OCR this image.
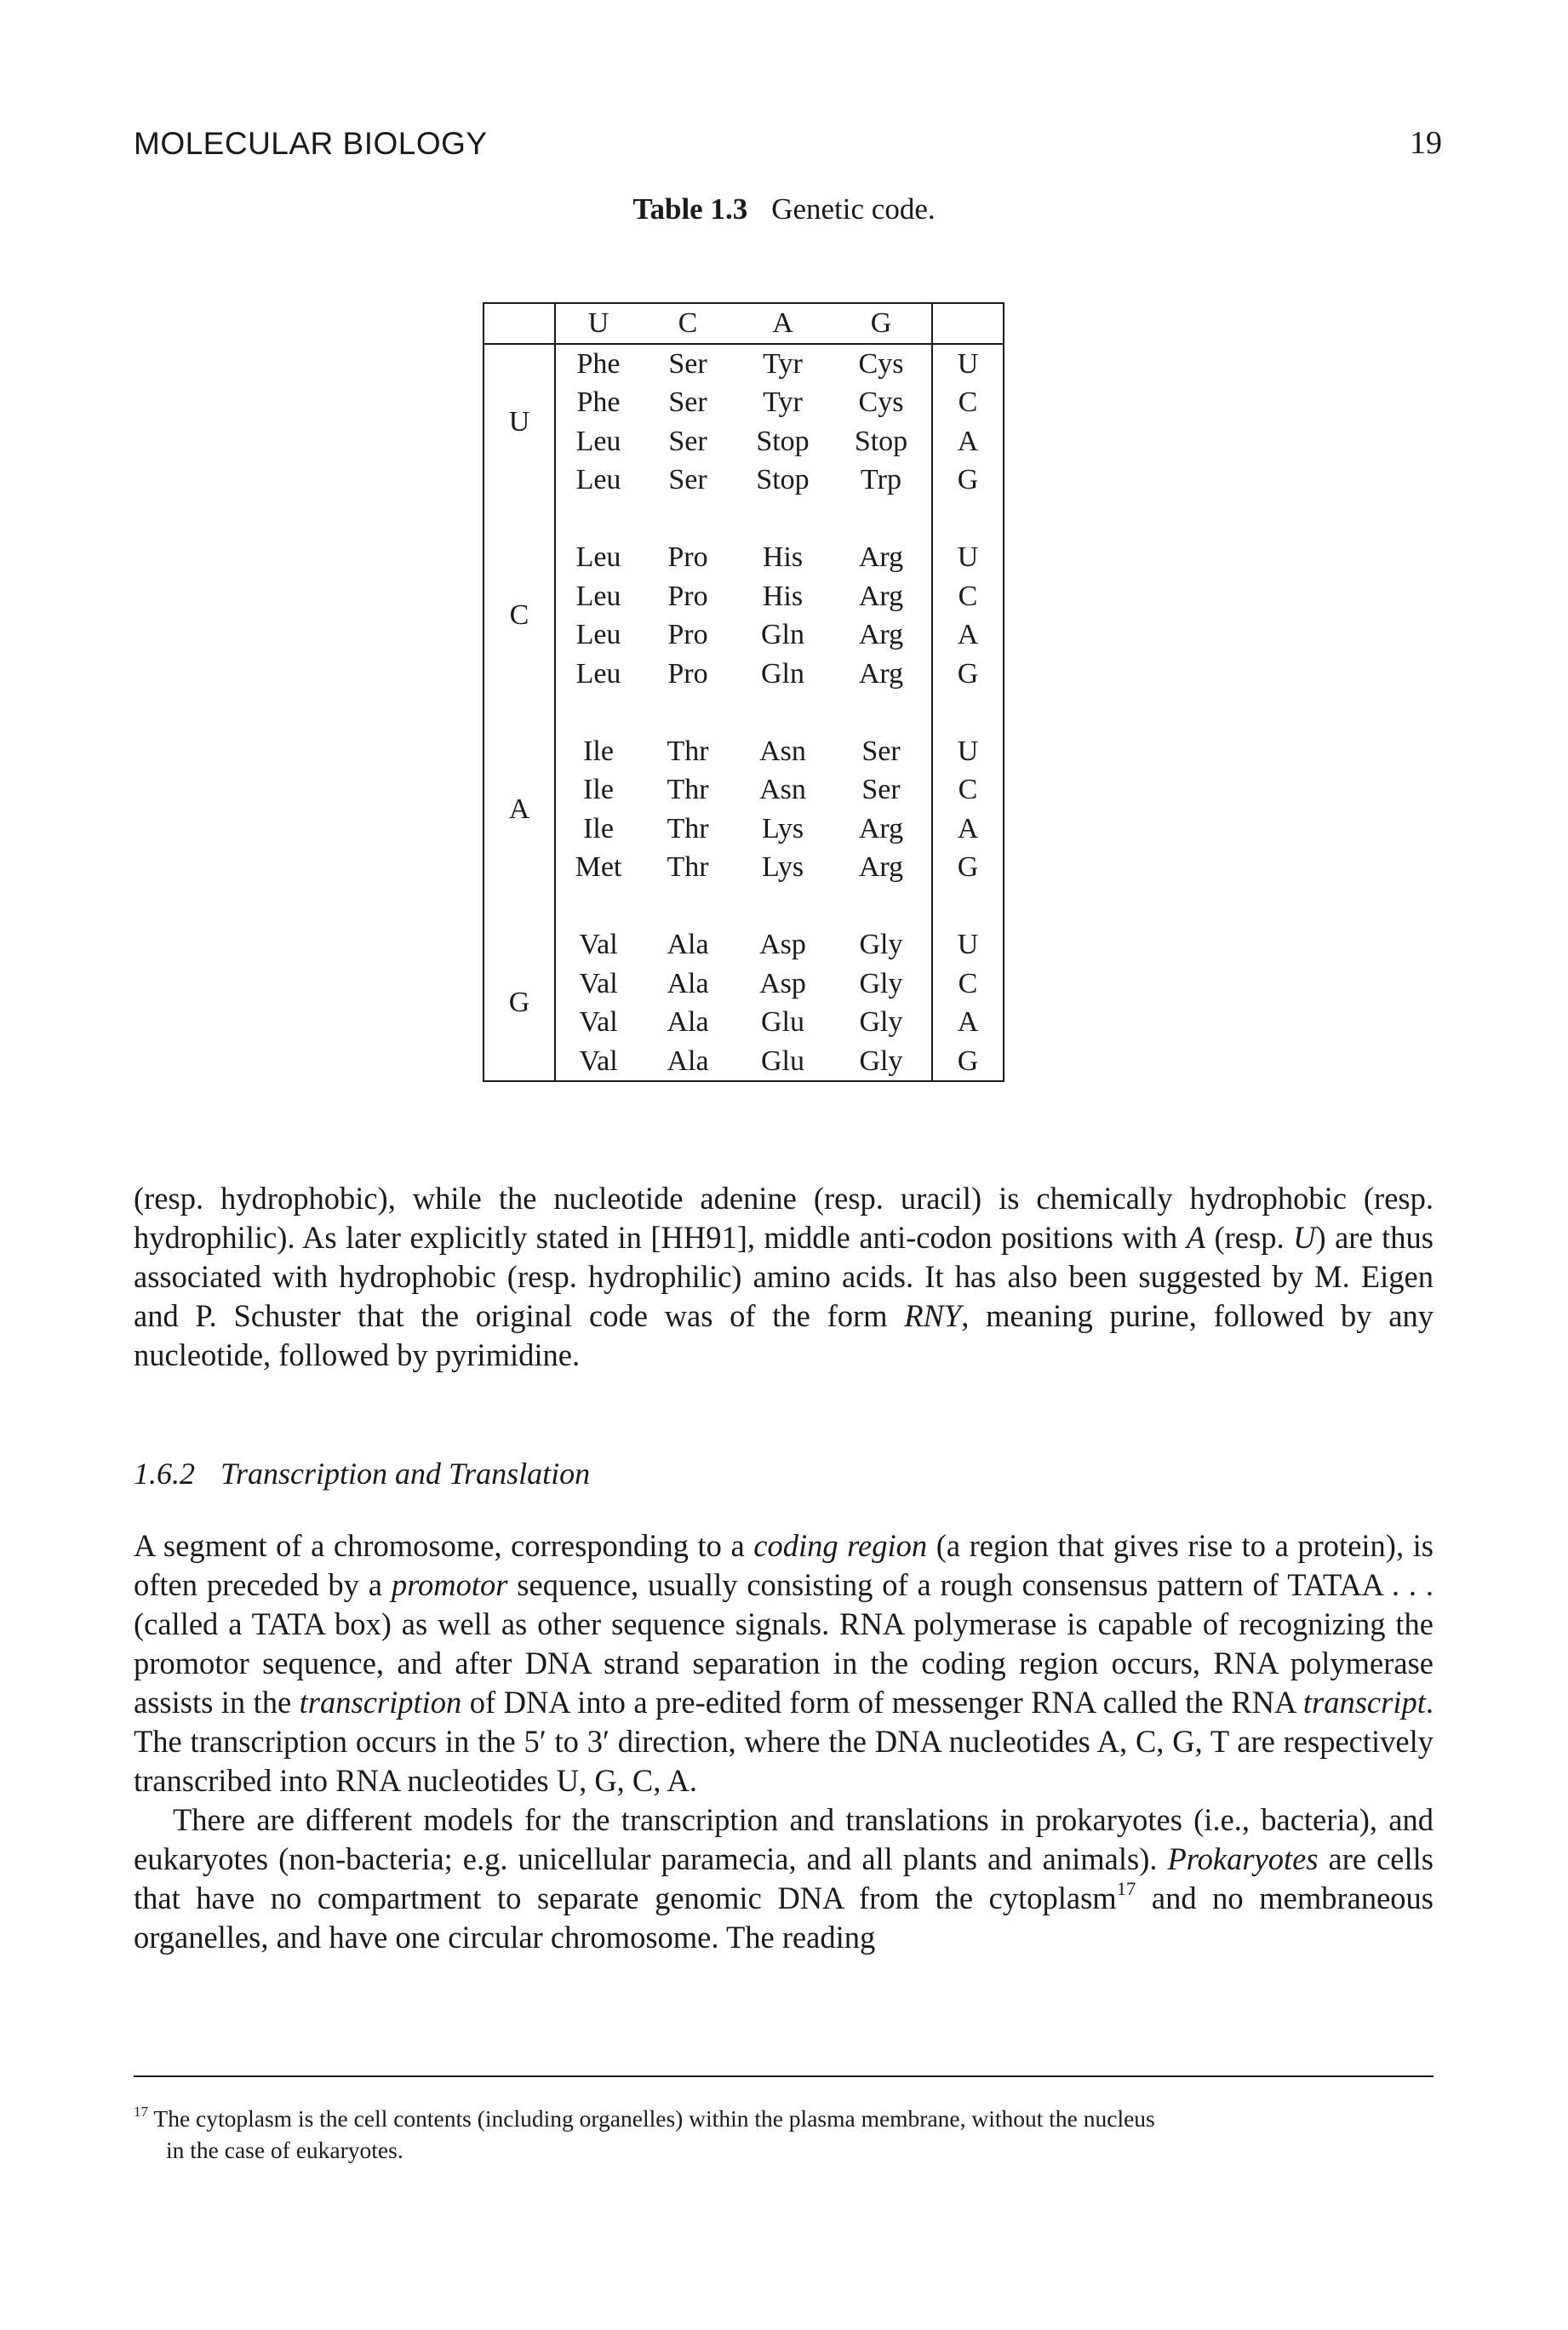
MOLECULAR BIOLOGY	19
Table 1.3 Genetic code.
	U	C	A	G	
U	Phe	Ser	Tyr	Cys	U
	Phe	Ser	Tyr	Cys	C
	Leu	Ser	Stop	Stop	A
	Leu	Ser	Stop	Trp	G

C	Leu	Pro	His	Arg	U
	Leu	Pro	His	Arg	C
	Leu	Pro	Gln	Arg	A
	Leu	Pro	Gln	Arg	G

A	Ile	Thr	Asn	Ser	U
	Ile	Thr	Asn	Ser	C
	Ile	Thr	Lys	Arg	A
	Met	Thr	Lys	Arg	G

G	Val	Ala	Asp	Gly	U
	Val	Ala	Asp	Gly	C
	Val	Ala	Glu	Gly	A
	Val	Ala	Glu	Gly	G

(resp. hydrophobic), while the nucleotide adenine (resp. uracil) is chemically hydrophobic (resp. hydrophilic). As later explicitly stated in [HH91], middle anti-codon positions with A (resp. U) are thus associated with hydrophobic (resp. hydrophilic) amino acids. It has also been suggested by M. Eigen and P. Schuster that the original code was of the form RNY, meaning purine, followed by any nucleotide, followed by pyrimidine.

1.6.2 Transcription and Translation

A segment of a chromosome, corresponding to a coding region (a region that gives rise to a protein), is often preceded by a promotor sequence, usually consisting of a rough consensus pattern of TATAA . . . (called a TATA box) as well as other sequence signals. RNA polymerase is capable of recognizing the promotor sequence, and after DNA strand separation in the coding region occurs, RNA polymerase assists in the transcription of DNA into a pre-edited form of messenger RNA called the RNA transcript. The transcription occurs in the 5′ to 3′ direction, where the DNA nucleotides A, C, G, T are respectively transcribed into RNA nucleotides U, G, C, A.

There are different models for the transcription and translations in prokaryotes (i.e., bacteria), and eukaryotes (non-bacteria; e.g. unicellular paramecia, and all plants and animals). Prokaryotes are cells that have no compartment to separate genomic DNA from the cytoplasm$^{17}$ and no membraneous organelles, and have one circular chromosome. The reading

$^{17}$ The cytoplasm is the cell contents (including organelles) within the plasma membrane, without the nucleus
in the case of eukaryotes.
